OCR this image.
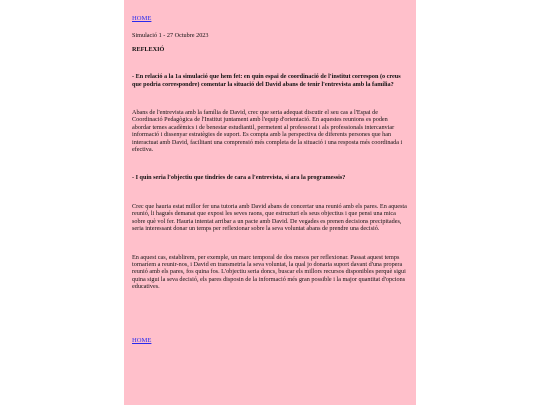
HOME
Simulació 1 - 27 Octubre 2023
REFLEXIÓ
- En relació a la 1a simulació que hem fet: en quin espai de coordinació de l'institut correspon (o creus que podria correspondre) comentar la situació del David abans de tenir l'entrevista amb la família?
Abans de l'entrevista amb la família de David, crec que seria adequat discutir el seu cas a l'Espai de Coordinació Pedagògica de l'Institut juntament amb l'equip d'orientació. En aquestes reunions es poden abordar temes acadèmics i de benestar estudiantil, permetent al professorat i als professionals intercanviar informació i dissenyar estratègies de suport. Es compta amb la perspectiva de diferents persones que han interactuat amb David, facilitant una comprensió més completa de la situació i una resposta més coordinada i efectiva.
- I quin seria l'objectiu que tindries de cara a l'entrevista, si ara la programessis?
Crec que hauria estat millor fer una tutoria amb David abans de concertar una reunió amb els pares. En aquesta reunió, li hagués demanat que exposi les seves raons, que estructuri els seus objectius i que pensi una mica sobre què vol fer. Hauria intentat arribar a un pacte amb David. De vegades es prenen decisions precipitades, seria interessant donar un temps per reflexionar sobre la seva voluntat abans de prendre una decisió.
En aquest cas, establirem, per exemple, un marc temporal de dos mesos per reflexionar. Passat aquest temps tornaríem a reunir-nos, i David en transmetria la seva voluntat, la qual jo donaria suport davant d'una propera reunió amb els pares, fos quina fos. L'objectiu seria doncs, buscar els millors recursos disponibles perquè sigui quina sigui la seva decisió, els pares disposin de la informació més gran possible i la major quantitat d'opcions educatives.
HOME
